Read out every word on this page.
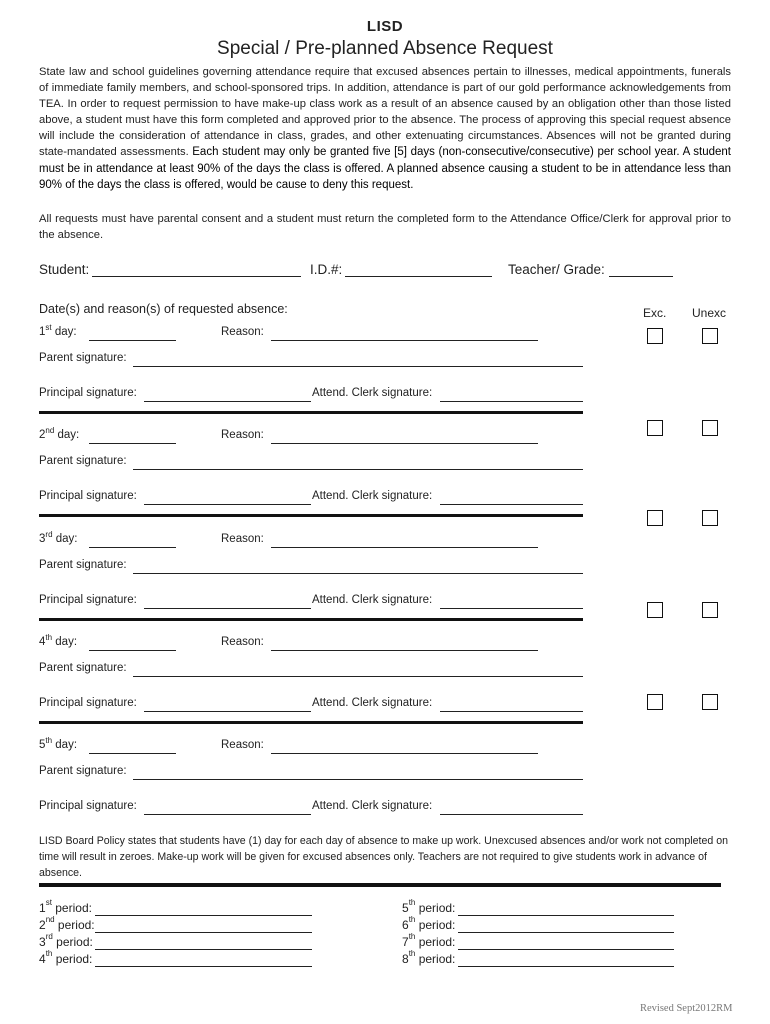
LISD
Special / Pre-planned Absence Request
State law and school guidelines governing attendance require that excused absences pertain to illnesses, medical appointments, funerals of immediate family members, and school-sponsored trips. In addition, attendance is part of our gold performance acknowledgements from TEA. In order to request permission to have make-up class work as a result of an absence caused by an obligation other than those listed above, a student must have this form completed and approved prior to the absence. The process of approving this special request absence will include the consideration of attendance in class, grades, and other extenuating circumstances. Absences will not be granted during state-mandated assessments. Each student may only be granted five [5] days (non-consecutive/consecutive) per school year. A student must be in attendance at least 90% of the days the class is offered. A planned absence causing a student to be in attendance less than 90% of the days the class is offered, would be cause to deny this request.
All requests must have parental consent and a student must return the completed form to the Attendance Office/Clerk for approval prior to the absence.
Student:	I.D.#:	Teacher/ Grade:
Date(s) and reason(s) of requested absence:	Exc. Unexc
1st day:	Reason:
Parent signature:
Principal signature:	Attend. Clerk signature:
2nd day:	Reason:
Parent signature:
Principal signature:	Attend. Clerk signature:
3rd day:	Reason:
Parent signature:
Principal signature:	Attend. Clerk signature:
4th day:	Reason:
Parent signature:
Principal signature:	Attend. Clerk signature:
5th day:	Reason:
Parent signature:
Principal signature:	Attend. Clerk signature:
LISD Board Policy states that students have (1) day for each day of absence to make up work. Unexcused absences and/or work not completed on time will result in zeroes. Make-up work will be given for excused absences only. Teachers are not required to give students work in advance of absence.
1st period:
2nd period:
3rd period:
4th period:
5th period:
6th period:
7th period:
8th period:
Revised Sept2012RM
